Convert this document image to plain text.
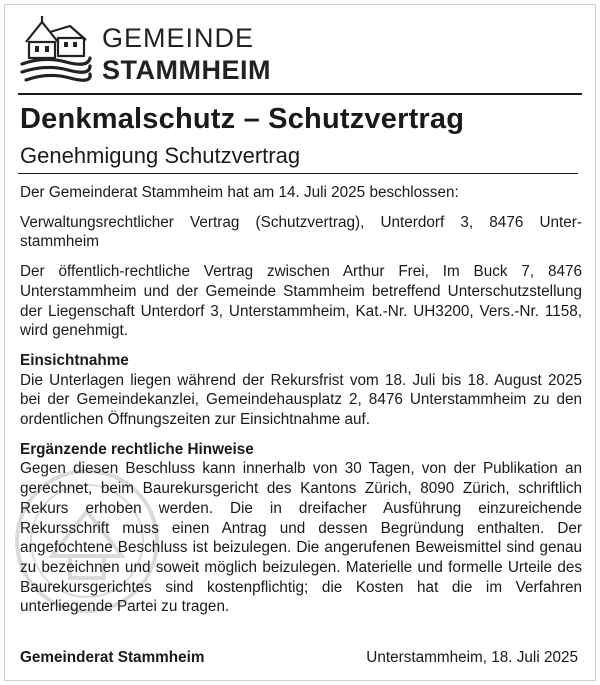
GEMEINDE
STAMMHEIM
Denkmalschutz – Schutzvertrag
Genehmigung Schutzvertrag

Der Gemeinderat Stammheim hat am 14. Juli 2025 beschlossen:

Verwaltungsrechtlicher Vertrag (Schutzvertrag), Unterdorf 3, 8476 Unterstammheim

Der öffentlich-rechtliche Vertrag zwischen Arthur Frei, Im Buck 7, 8476 Unterstammheim und der Gemeinde Stammheim betreffend Unterschutzstellung der Liegenschaft Unterdorf 3, Unterstammheim, Kat.-Nr. UH3200, Vers.-Nr. 1158, wird genehmigt.

Einsichtnahme

Die Unterlagen liegen während der Rekursfrist vom 18. Juli bis 18. August 2025 bei der Gemeindekanzlei, Gemeindehausplatz 2, 8476 Unterstammheim zu den ordentlichen Öffnungszeiten zur Einsichtnahme auf.

Ergänzende rechtliche Hinweise

Gegen diesen Beschluss kann innerhalb von 30 Tagen, von der Publikation an gerechnet, beim Baurekursgericht des Kantons Zürich, 8090 Zürich, schriftlich Rekurs erhoben werden. Die in dreifacher Ausführung einzureichende Rekursschrift muss einen Antrag und dessen Begründung enthalten. Der angefochtene Beschluss ist beizulegen. Die angerufenen Beweismittel sind genau zu bezeichnen und soweit möglich beizulegen. Materielle und formelle Urteile des Baurekursgerichtes sind kostenpflichtig; die Kosten hat die im Verfahren unterliegende Partei zu tragen.

Gemeinderat Stammheim	Unterstammheim, 18. Juli 2025
